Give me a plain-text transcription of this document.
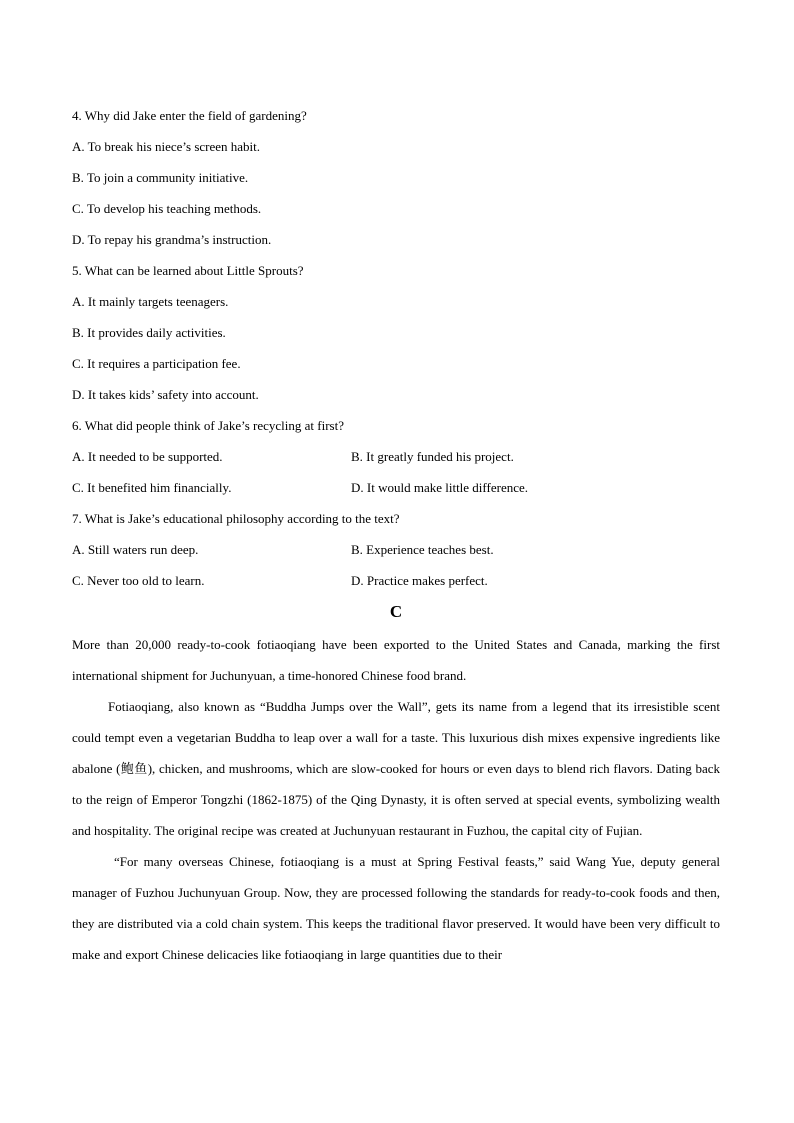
4. Why did Jake enter the field of gardening?
A. To break his niece’s screen habit.
B. To join a community initiative.
C. To develop his teaching methods.
D. To repay his grandma’s instruction.
5. What can be learned about Little Sprouts?
A. It mainly targets teenagers.
B. It provides daily activities.
C. It requires a participation fee.
D. It takes kids’ safety into account.
6. What did people think of Jake’s recycling at first?
A. It needed to be supported.	B. It greatly funded his project.
C. It benefited him financially.	D. It would make little difference.
7. What is Jake’s educational philosophy according to the text?
A. Still waters run deep.	B. Experience teaches best.
C. Never too old to learn.	D. Practice makes perfect.
C

More than 20,000 ready-to-cook fotiaoqiang have been exported to the United States and Canada, marking the first international shipment for Juchunyuan, a time-honored Chinese food brand.

Fotiaoqiang, also known as “Buddha Jumps over the Wall”, gets its name from a legend that its irresistible scent could tempt even a vegetarian Buddha to leap over a wall for a taste. This luxurious dish mixes expensive ingredients like abalone (鲍鱼), chicken, and mushrooms, which are slow-cooked for hours or even days to blend rich flavors. Dating back to the reign of Emperor Tongzhi (1862-1875) of the Qing Dynasty, it is often served at special events, symbolizing wealth and hospitality. The original recipe was created at Juchunyuan restaurant in Fuzhou, the capital city of Fujian.

“For many overseas Chinese, fotiaoqiang is a must at Spring Festival feasts,” said Wang Yue, deputy general manager of Fuzhou Juchunyuan Group. Now, they are processed following the standards for ready-to-cook foods and then, they are distributed via a cold chain system. This keeps the traditional flavor preserved. It would have been very difficult to make and export Chinese delicacies like fotiaoqiang in large quantities due to their
